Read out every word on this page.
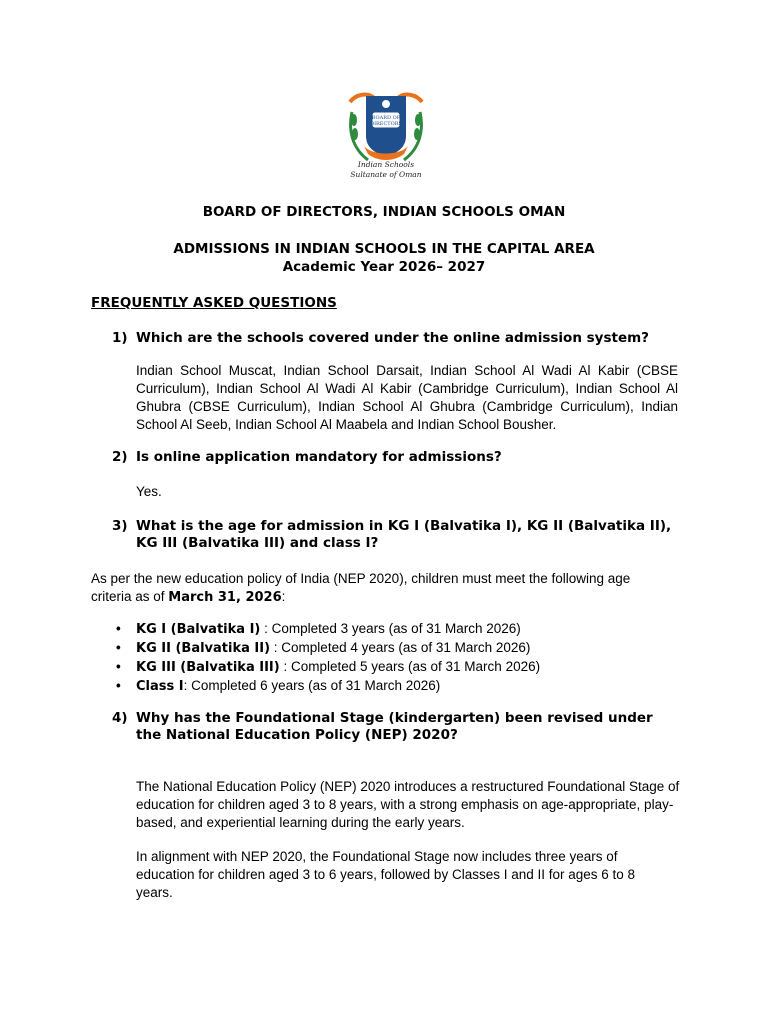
BOARD OF
DIRECTORS
Indian Schools
Sultanate of Oman
BOARD OF DIRECTORS, INDIAN SCHOOLS OMAN
ADMISSIONS IN INDIAN SCHOOLS IN THE CAPITAL AREA
Academic Year 2026– 2027
FREQUENTLY ASKED QUESTIONS
1) Which are the schools covered under the online admission system?
Indian School Muscat, Indian School Darsait, Indian School Al Wadi Al Kabir (CBSE Curriculum), Indian School Al Wadi Al Kabir (Cambridge Curriculum), Indian School Al Ghubra (CBSE Curriculum), Indian School Al Ghubra (Cambridge Curriculum), Indian School Al Seeb, Indian School Al Maabela and Indian School Bousher.
2) Is online application mandatory for admissions?
Yes.
3) What is the age for admission in KG I (Balvatika I), KG II (Balvatika II), KG III (Balvatika III) and class I?
As per the new education policy of India (NEP 2020), children must meet the following age criteria as of March 31, 2026:
• KG I (Balvatika I) : Completed 3 years (as of 31 March 2026)
• KG II (Balvatika II) : Completed 4 years (as of 31 March 2026)
• KG III (Balvatika III) : Completed 5 years (as of 31 March 2026)
• Class I: Completed 6 years (as of 31 March 2026)
4) Why has the Foundational Stage (kindergarten) been revised under the National Education Policy (NEP) 2020?
The National Education Policy (NEP) 2020 introduces a restructured Foundational Stage of education for children aged 3 to 8 years, with a strong emphasis on age-appropriate, play-based, and experiential learning during the early years.
In alignment with NEP 2020, the Foundational Stage now includes three years of education for children aged 3 to 6 years, followed by Classes I and II for ages 6 to 8 years.
